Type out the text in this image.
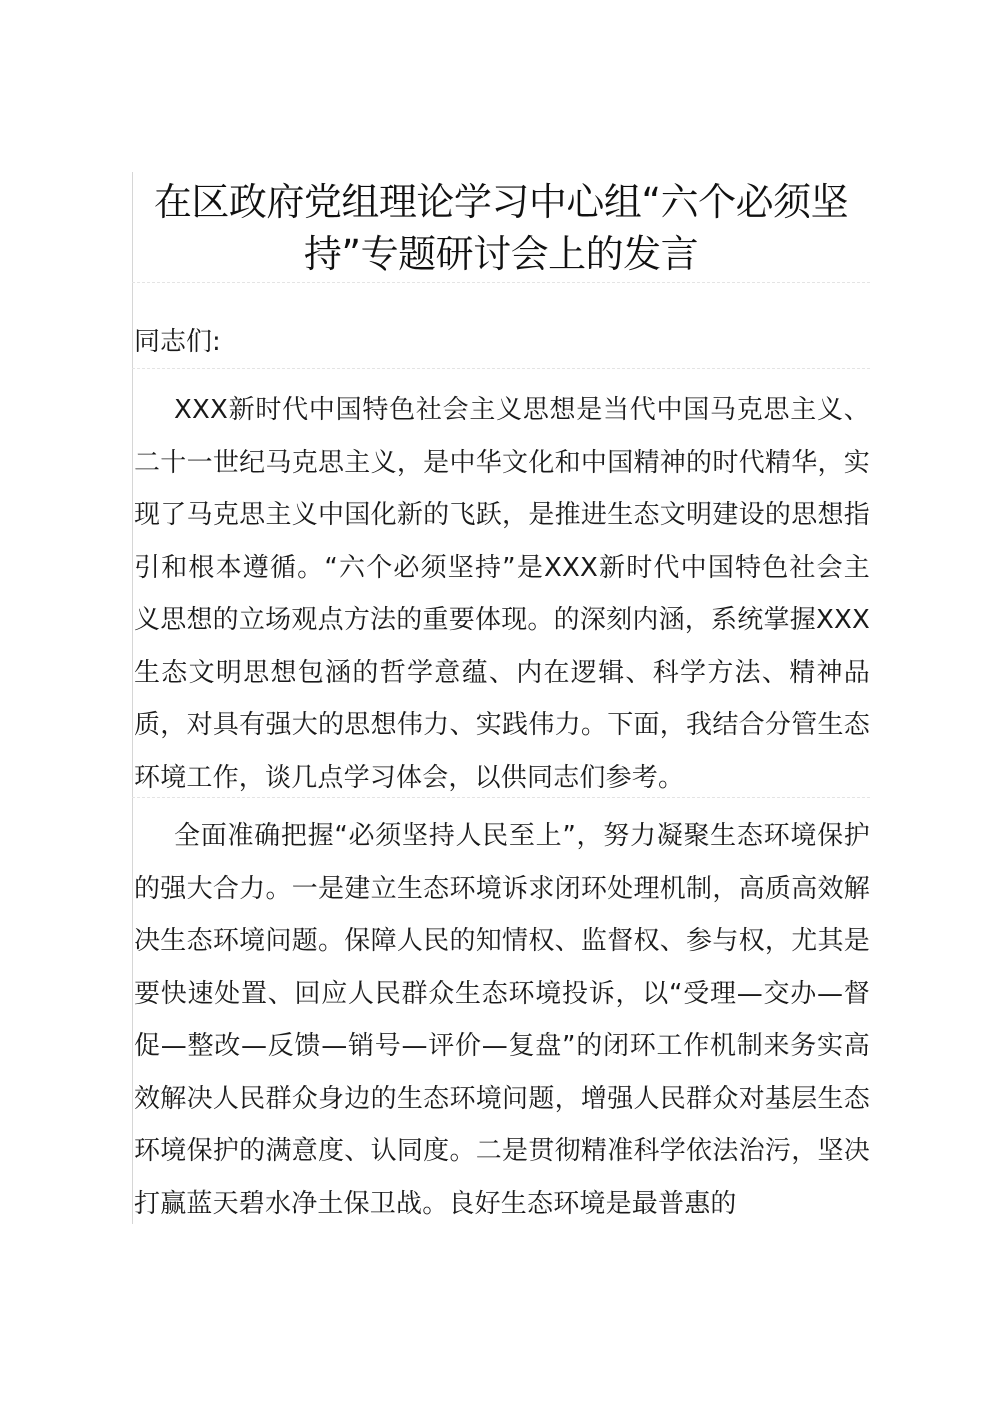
在区政府党组理论学习中心组“六个必须坚持”专题研讨会上的发言

同志们:

XXX新时代中国特色社会主义思想是当代中国马克思主义、二十一世纪马克思主义，是中华文化和中国精神的时代精华，实现了马克思主义中国化新的飞跃，是推进生态文明建设的思想指引和根本遵循。“六个必须坚持”是XXX新时代中国特色社会主义思想的立场观点方法的重要体现。的深刻内涵，系统掌握XXX生态文明思想包涵的哲学意蕴、内在逻辑、科学方法、精神品质，对具有强大的思想伟力、实践伟力。下面，我结合分管生态环境工作，谈几点学习体会，以供同志们参考。

全面准确把握“必须坚持人民至上”，努力凝聚生态环境保护的强大合力。一是建立生态环境诉求闭环处理机制，高质高效解决生态环境问题。保障人民的知情权、监督权、参与权，尤其是要快速处置、回应人民群众生态环境投诉，以“受理—交办—督促—整改—反馈—销号—评价—复盘”的闭环工作机制来务实高效解决人民群众身边的生态环境问题，增强人民群众对基层生态环境保护的满意度、认同度。二是贯彻精准科学依法治污，坚决打赢蓝天碧水净土保卫战。良好生态环境是最普惠的
